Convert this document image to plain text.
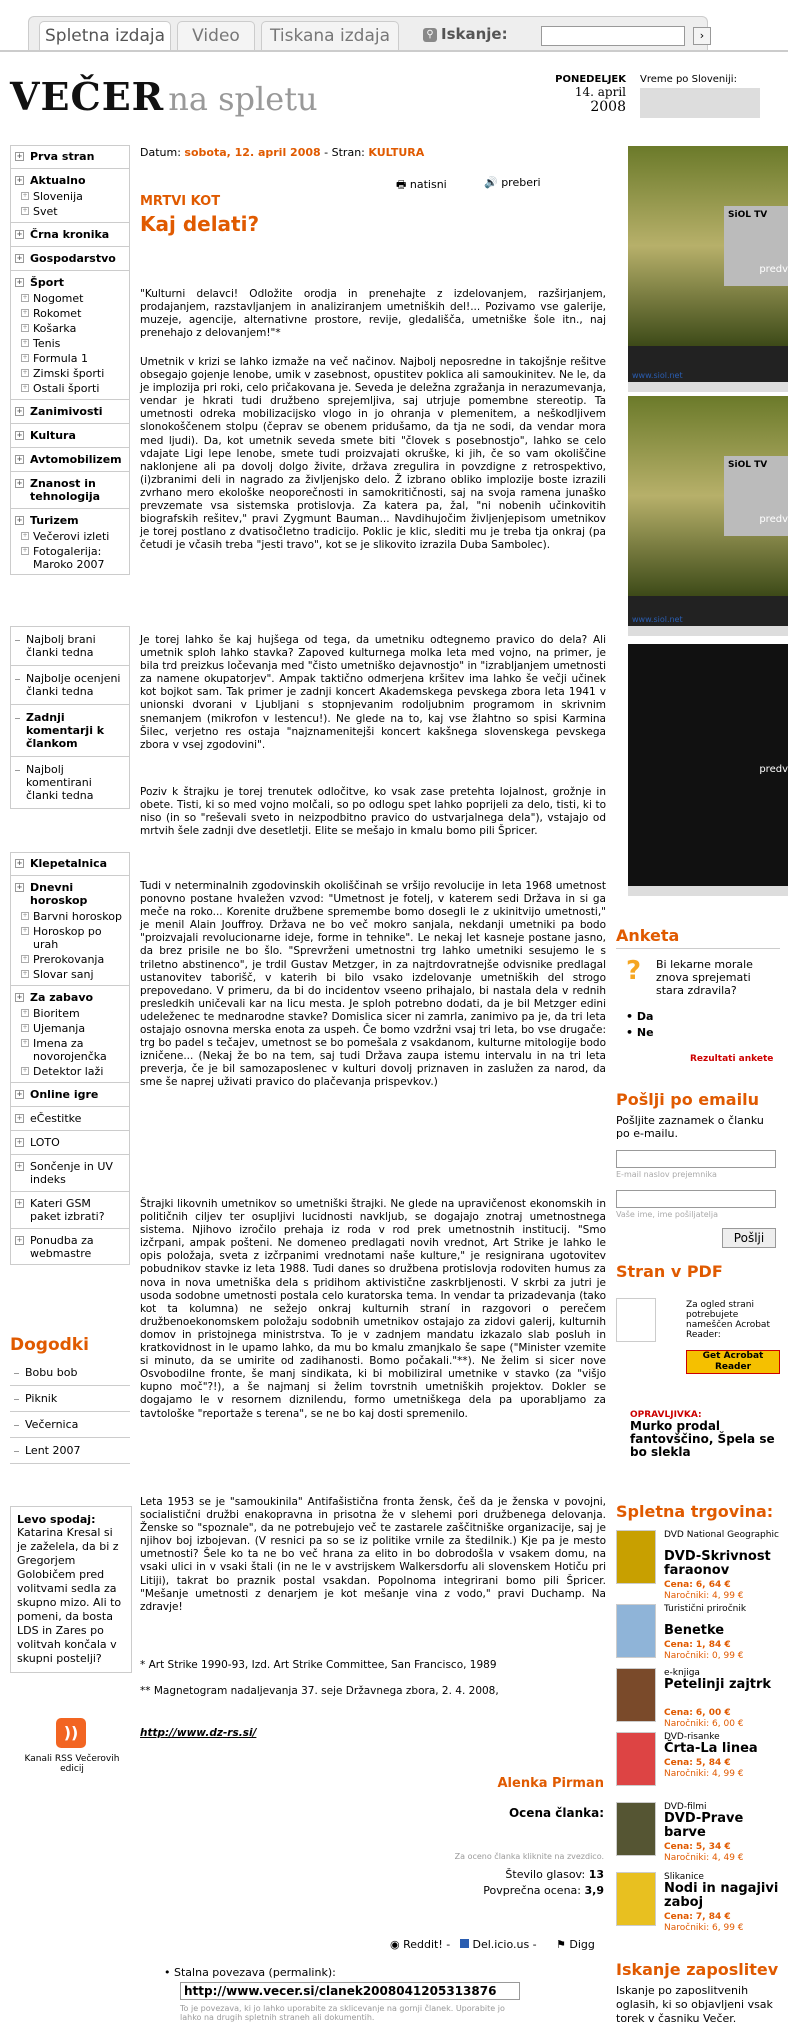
Spletna izdaja	Video	Tiskana izdaja	⚲ Iskanje:	›
VEČER na spletu
PONEDELJEK
14. april
2008
Vreme po Sloveniji:
+ Prva stran
+ Aktualno
+ Slovenija
+ Svet
+ Črna kronika
+ Gospodarstvo
+ Šport
+ Nogomet
+ Rokomet
+ Košarka
+ Tenis
+ Formula 1
+ Zimski športi
+ Ostali športi
+ Zanimivosti
+ Kultura
+ Avtomobilizem
+ Znanost in tehnologija
+ Turizem
+ Večerovi izleti
+ Fotogalerija: Maroko 2007
Najbolj brani članki tedna
Najbolje ocenjeni članki tedna
Zadnji komentarji k člankom
Najbolj komentirani članki tedna
+ Klepetalnica
+ Dnevni horoskop
+ Barvni horoskop
+ Horoskop po urah
+ Prerokovanja
+ Slovar sanj
+ Za zabavo
+ Bioritem
+ Ujemanja
+ Imena za novorojenčka
+ Detektor laži
+ Online igre
+ eČestitke
+ LOTO
+ Sončenje in UV indeks
+ Kateri GSM paket izbrati?
+ Ponudba za webmastre
Dogodki
Bobu bob
Piknik
Večernica
Lent 2007
Levo spodaj:
Katarina Kresal si je zaželela, da bi z Gregorjem Golobičem pred volitvami sedla za skupno mizo. Ali to pomeni, da bosta LDS in Zares po volitvah končala v skupni postelji?
))
Kanali RSS Večerovih edicij
Datum: sobota, 12. april 2008 - Stran: KULTURA
🖶 natisni	🔊 preberi
MRTVI KOT
Kaj delati?
"Kulturni delavci! Odložite orodja in prenehajte z izdelovanjem, razširjanjem, prodajanjem, razstavljanjem in analiziranjem umetniških del!... Pozivamo vse galerije, muzeje, agencije, alternativne prostore, revije, gledališča, umetniške šole itn., naj prenehajo z delovanjem!"*
Umetnik v krizi se lahko izmaže na več načinov. Najbolj neposredne in takojšnje rešitve obsegajo gojenje lenobe, umik v zasebnost, opustitev poklica ali samoukinitev. Ne le, da je implozija pri roki, celo pričakovana je. Seveda je deležna zgražanja in nerazumevanja, vendar je hkrati tudi družbeno sprejemljiva, saj utrjuje pomembne stereotip. Ta umetnosti odreka mobilizacijsko vlogo in jo ohranja v plemenitem, a neškodljivem slonokoščenem stolpu (čeprav se obenem pridušamo, da tja ne sodi, da vendar mora med ljudi). Da, kot umetnik seveda smete biti "človek s posebnostjo", lahko se celo vdajate Ligi lepe lenobe, smete tudi proizvajati okruške, ki jih, če so vam okoliščine naklonjene ali pa dovolj dolgo živite, država zregulira in povzdigne z retrospektivo, (i)zbranimi deli in nagrado za življenjsko delo. Ž izbrano obliko implozije boste izrazili zvrhano mero ekološke neoporečnosti in samokritičnosti, saj na svoja ramena junaško prevzemate vsa sistemska protislovja. Za katera pa, žal, "ni nobenih učinkovitih biografskih rešitev," pravi Zygmunt Bauman... Navdihujočim življenjepisom umetnikov je torej postlano z dvatisočletno tradicijo. Poklic je klic, slediti mu je treba tja onkraj (pa četudi je včasih treba "jesti travo", kot se je slikovito izrazila Duba Sambolec).
Je torej lahko še kaj hujšega od tega, da umetniku odtegnemo pravico do dela? Ali umetnik sploh lahko stavka? Zapoved kulturnega molka leta med vojno, na primer, je bila trd preizkus ločevanja med "čisto umetniško dejavnostjo" in "izrabljanjem umetnosti za namene okupatorjev". Ampak taktično odmerjena kršitev ima lahko še večji učinek kot bojkot sam. Tak primer je zadnji koncert Akademskega pevskega zbora leta 1941 v unionski dvorani v Ljubljani s stopnjevanim rodoljubnim programom in skrivnim snemanjem (mikrofon v lestencu!). Ne glede na to, kaj vse žlahtno so spisi Karmina Šilec, verjetno res ostaja "najznamenitejši koncert kakšnega slovenskega pevskega zbora v vsej zgodovini".
Poziv k štrajku je torej trenutek odločitve, ko vsak zase pretehta lojalnost, grožnje in obete. Tisti, ki so med vojno molčali, so po odlogu spet lahko poprijeli za delo, tisti, ki to niso (in so "reševali sveto in neizpodbitno pravico do ustvarjalnega dela"), vstajajo od mrtvih šele zadnji dve desetletji. Elite se mešajo in kmalu bomo pili Špricer.
Tudi v neterminalnih zgodovinskih okoliščinah se vršijo revolucije in leta 1968 umetnost ponovno postane hvaležen vzvod: "Umetnost je fotelj, v katerem sedi Država in si ga meče na roko... Korenite družbene spremembe bomo dosegli le z ukinitvijo umetnosti," je menil Alain Jouffroy. Država ne bo več mokro sanjala, nekdanji umetniki pa bodo "proizvajali revolucionarne ideje, forme in tehnike". Le nekaj let kasneje postane jasno, da brez prisile ne bo šlo. "Sprevrženi umetnostni trg lahko umetniki sesujemo le s triletno abstinenco", je trdil Gustav Metzger, in za najtrdovratnejše odvisnike predlagal ustanovitev taborišč, v katerih bi bilo vsako izdelovanje umetniških del strogo prepovedano. V primeru, da bi do incidentov vseeno prihajalo, bi nastala dela v rednih presledkih uničevali kar na licu mesta. Je sploh potrebno dodati, da je bil Metzger edini udeleženec te mednarodne stavke? Domislica sicer ni zamrla, zanimivo pa je, da tri leta ostajajo osnovna merska enota za uspeh. Če bomo vzdržni vsaj tri leta, bo vse drugače: trg bo padel s tečajev, umetnost se bo pomešala z vsakdanom, kulturne mitologije bodo izničene... (Nekaj že bo na tem, saj tudi Država zaupa istemu intervalu in na tri leta preverja, če je bil samozaposlenec v kulturi dovolj priznaven in zaslužen za narod, da sme še naprej uživati pravico do plačevanja prispevkov.)
Štrajki likovnih umetnikov so umetniški štrajki. Ne glede na upravičenost ekonomskih in političnih ciljev ter osupljivi lucidnosti navkljub, se dogajajo znotraj umetnostnega sistema. Njihovo izročilo prehaja iz roda v rod prek umetnostnih institucij. "Smo izčrpani, ampak pošteni. Ne domeneo predlagati novih vrednot, Art Strike je lahko le opis položaja, sveta z izčrpanimi vrednotami naše kulture," je resignirana ugotovitev pobudnikov stavke iz leta 1988. Tudi danes so družbena protislovja rodoviten humus za nova in nova umetniška dela s pridihom aktivistične zaskrbljenosti. V skrbi za jutri je usoda sodobne umetnosti postala celo kuratorska tema. In vendar ta prizadevanja (tako kot ta kolumna) ne sežejo onkraj kulturnih straní in razgovori o perečem družbenoekonomskem položaju sodobnih umetnikov ostajajo za zidovi galerij, kulturnih domov in pristojnega ministrstva. To je v zadnjem mandatu izkazalo slab posluh in kratkovidnost in le upamo lahko, da mu bo kmalu zmanjkalo še sape ("Minister vzemite si minuto, da se umirite od zadihanosti. Bomo počakali."**). Ne želim si sicer nove Osvobodilne fronte, še manj sindikata, ki bi mobiliziral umetnike v stavko (za "višjo kupno moč"?!), a še najmanj si želim tovrstnih umetniških projektov. Dokler se dogajamo le v resornem diznilendu, formo umetniškega dela pa uporabljamo za tavtološke "reportaže s terena", se ne bo kaj dosti spremenilo.
Leta 1953 se je "samoukinila" Antifašistična fronta žensk, češ da je ženska v povojni, socialistični družbi enakopravna in prisotna že v slehemi pori družbenega delovanja. Ženske so "spoznale", da ne potrebujejo več te zastarele zaščitniške organizacije, saj je njihov boj izbojevan. (V resnici pa so se iz politike vrnile za štedilnik.) Kje pa je mesto umetnosti? Šele ko ta ne bo več hrana za elito in bo dobrodošla v vsakem domu, na vsaki ulici in v vsaki štali (in ne le v avstrijskem Walkersdorfu ali slovenskem Hotiču pri Litiji), takrat bo praznik postal vsakdan. Popolnoma integrirani bomo pili Špricer. "Mešanje umetnosti z denarjem je kot mešanje vina z vodo," pravi Duchamp. Na zdravje!
* Art Strike 1990-93, Izd. Art Strike Committee, San Francisco, 1989
** Magnetogram nadaljevanja 37. seje Državnega zbora, 2. 4. 2008,
http://www.dz-rs.si/
Alenka Pirman
Ocena članka:
Za oceno članka kliknite na zvezdico.
Število glasov: 13
Povprečna ocena: 3,9
◉ Reddit! -	Del.icio.us - ⚑ Digg
• Stalna povezava (permalink):
http://www.vecer.si/clanek2008041205313876
To je povezava, ki jo lahko uporabite za sklicevanje na gornji članek. Uporabite jo lahko na drugih spletnih straneh ali dokumentih.
SiOL TV
predv
www.siol.net
SiOL TV
predv
www.siol.net
predv
Anketa
? Bi lekarne morale znova sprejemati stara zdravila?
• Da
• Ne
Rezultati ankete
Pošlji po emailu
Pošljite zaznamek o članku po e-mailu.
E-mail naslov prejemnika
Vaše ime, ime pošiljatelja
Pošlji
Stran v PDF
Za ogled strani potrebujete nameščen Acrobat Reader:
Get Acrobat Reader
OPRAVLJIVKA:
Murko prodal fantovščino, Špela se bo slekla
Spletna trgovina:
DVD National Geographic
DVD-Skrivnost faraonov
Cena: 6, 64 €
Naročniki: 4, 99 €
Turistični priročnik
Benetke
Cena: 1, 84 €
Naročniki: 0, 99 €
e-knjiga
Petelinji zajtrk
Cena: 6, 00 €
Naročniki: 6, 00 €
DVD-risanke
Črta-La linea
Cena: 5, 84 €
Naročniki: 4, 99 €
DVD-filmi
DVD-Prave barve
Cena: 5, 34 €
Naročniki: 4, 49 €
Slikanice
Nodi in nagajivi zaboj
Cena: 7, 84 €
Naročniki: 6, 99 €
Iskanje zaposlitev
Iskanje po zaposlitvenih oglasih, ki so objavljeni vsak torek v časniku Večer.
